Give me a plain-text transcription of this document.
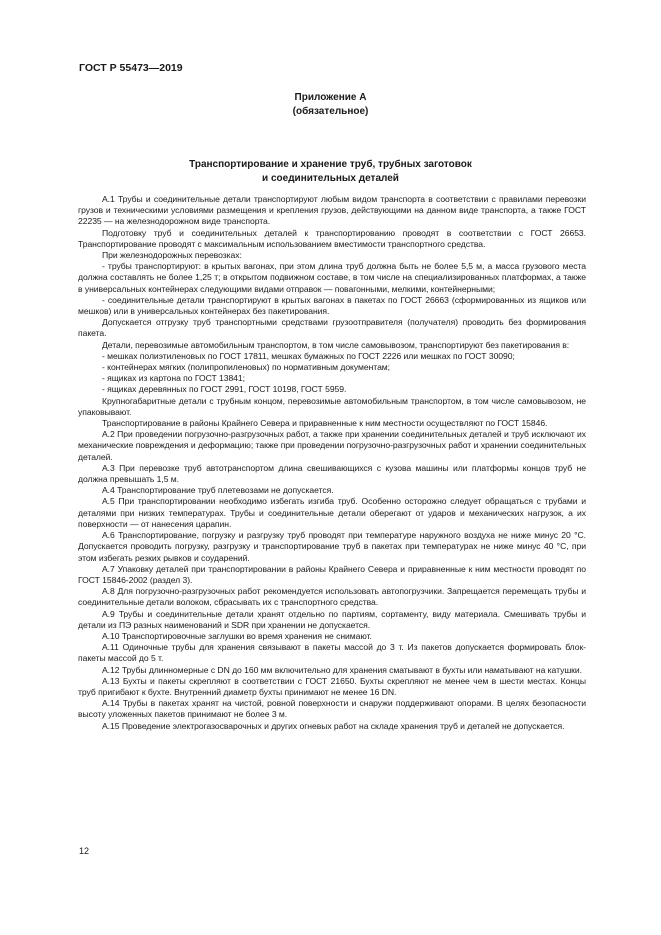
ГОСТ Р 55473—2019
Приложение А
(обязательное)
Транспортирование и хранение труб, трубных заготовок
и соединительных деталей

А.1 Трубы и соединительные детали транспортируют любым видом транспорта в соответствии с правилами перевозки грузов и техническими условиями размещения и крепления грузов, действующими на данном виде транспорта, а также ГОСТ 22235 — на железнодорожном виде транспорта.

Подготовку труб и соединительных деталей к транспортированию проводят в соответствии с ГОСТ 26653. Транспортирование проводят с максимальным использованием вместимости транспортного средства.

При железнодорожных перевозках:

- трубы транспортируют: в крытых вагонах, при этом длина труб должна быть не более 5,5 м, а масса грузового места должна составлять не более 1,25 т; в открытом подвижном составе, в том числе на специализированных платформах, а также в универсальных контейнерах следующими видами отправок — повагонными, мелкими, контейнерными;

- соединительные детали транспортируют в крытых вагонах в пакетах по ГОСТ 26663 (сформированных из ящиков или мешков) или в универсальных контейнерах без пакетирования.

Допускается отгрузку труб транспортными средствами грузоотправителя (получателя) проводить без формирования пакета.

Детали, перевозимые автомобильным транспортом, в том числе самовывозом, транспортируют без пакетирования в:

- мешках полиэтиленовых по ГОСТ 17811, мешках бумажных по ГОСТ 2226 или мешках по ГОСТ 30090;

- контейнерах мягких (полипропиленовых) по нормативным документам;

- ящиках из картона по ГОСТ 13841;

- ящиках деревянных по ГОСТ 2991, ГОСТ 10198, ГОСТ 5959.

Крупногабаритные детали с трубным концом, перевозимые автомобильным транспортом, в том числе самовывозом, не упаковывают.

Транспортирование в районы Крайнего Севера и приравненные к ним местности осуществляют по ГОСТ 15846.

А.2 При проведении погрузочно-разгрузочных работ, а также при хранении соединительных деталей и труб исключают их механические повреждения и деформацию; также при проведении погрузочно-разгрузочных работ и хранении соединительных деталей.

А.3 При перевозке труб автотранспортом длина свешивающихся с кузова машины или платформы концов труб не должна превышать 1,5 м.

А.4 Транспортирование труб плетевозами не допускается.

А.5 При транспортировании необходимо избегать изгиба труб. Особенно осторожно следует обращаться с трубами и деталями при низких температурах. Трубы и соединительные детали оберегают от ударов и механических нагрузок, а их поверхности — от нанесения царапин.

А.6 Транспортирование, погрузку и разгрузку труб проводят при температуре наружного воздуха не ниже минус 20 °С. Допускается проводить погрузку, разгрузку и транспортирование труб в пакетах при температурах не ниже минус 40 °С, при этом избегать резких рывков и соударений.

А.7 Упаковку деталей при транспортировании в районы Крайнего Севера и приравненные к ним местности проводят по ГОСТ 15846-2002 (раздел 3).

А.8 Для погрузочно-разгрузочных работ рекомендуется использовать автопогрузчики. Запрещается перемещать трубы и соединительные детали волоком, сбрасывать их с транспортного средства.

А.9 Трубы и соединительные детали хранят отдельно по партиям, сортаменту, виду материала. Смешивать трубы и детали из ПЭ разных наименований и SDR при хранении не допускается.

А.10 Транспортировочные заглушки во время хранения не снимают.

А.11 Одиночные трубы для хранения связывают в пакеты массой до 3 т. Из пакетов допускается формировать блок-пакеты массой до 5 т.

А.12 Трубы длинномерные с DN до 160 мм включительно для хранения сматывают в бухты или наматывают на катушки.

А.13 Бухты и пакеты скрепляют в соответствии с ГОСТ 21650. Бухты скрепляют не менее чем в шести местах. Концы труб пригибают к бухте. Внутренний диаметр бухты принимают не менее 16 DN.

А.14 Трубы в пакетах хранят на чистой, ровной поверхности и снаружи поддерживают опорами. В целях безопасности высоту уложенных пакетов принимают не более 3 м.

А.15 Проведение электрогазосварочных и других огневых работ на складе хранения труб и деталей не допускается.

12
